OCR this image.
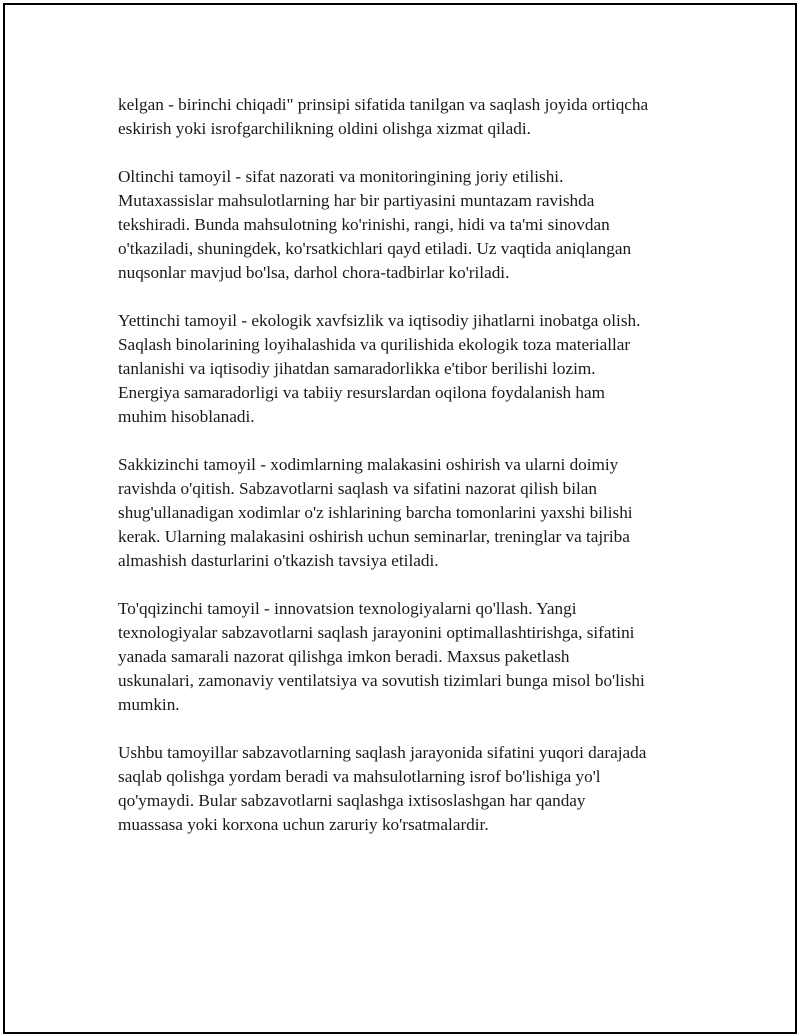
kelgan - birinchi chiqadi" prinsipi sifatida tanilgan va saqlash joyida ortiqcha
eskirish yoki isrofgarchilikning oldini olishga xizmat qiladi.

Oltinchi tamoyil - sifat nazorati va monitoringining joriy etilishi.
Mutaxassislar mahsulotlarning har bir partiyasini muntazam ravishda
tekshiradi. Bunda mahsulotning ko'rinishi, rangi, hidi va ta'mi sinovdan
o'tkaziladi, shuningdek, ko'rsatkichlari qayd etiladi. Uz vaqtida aniqlangan
nuqsonlar mavjud bo'lsa, darhol chora-tadbirlar ko'riladi.

Yettinchi tamoyil - ekologik xavfsizlik va iqtisodiy jihatlarni inobatga olish.
Saqlash binolarining loyihalashida va qurilishida ekologik toza materiallar
tanlanishi va iqtisodiy jihatdan samaradorlikka e'tibor berilishi lozim.
Energiya samaradorligi va tabiiy resurslardan oqilona foydalanish ham
muhim hisoblanadi.

Sakkizinchi tamoyil - xodimlarning malakasini oshirish va ularni doimiy
ravishda o'qitish. Sabzavotlarni saqlash va sifatini nazorat qilish bilan
shug'ullanadigan xodimlar o'z ishlarining barcha tomonlarini yaxshi bilishi
kerak. Ularning malakasini oshirish uchun seminarlar, treninglar va tajriba
almashish dasturlarini o'tkazish tavsiya etiladi.

To'qqizinchi tamoyil - innovatsion texnologiyalarni qo'llash. Yangi
texnologiyalar sabzavotlarni saqlash jarayonini optimallashtirishga, sifatini
yanada samarali nazorat qilishga imkon beradi. Maxsus paketlash
uskunalari, zamonaviy ventilatsiya va sovutish tizimlari bunga misol bo'lishi
mumkin.

Ushbu tamoyillar sabzavotlarning saqlash jarayonida sifatini yuqori darajada
saqlab qolishga yordam beradi va mahsulotlarning isrof bo'lishiga yo'l
qo'ymaydi. Bular sabzavotlarni saqlashga ixtisoslashgan har qanday
muassasa yoki korxona uchun zaruriy ko'rsatmalardir.
